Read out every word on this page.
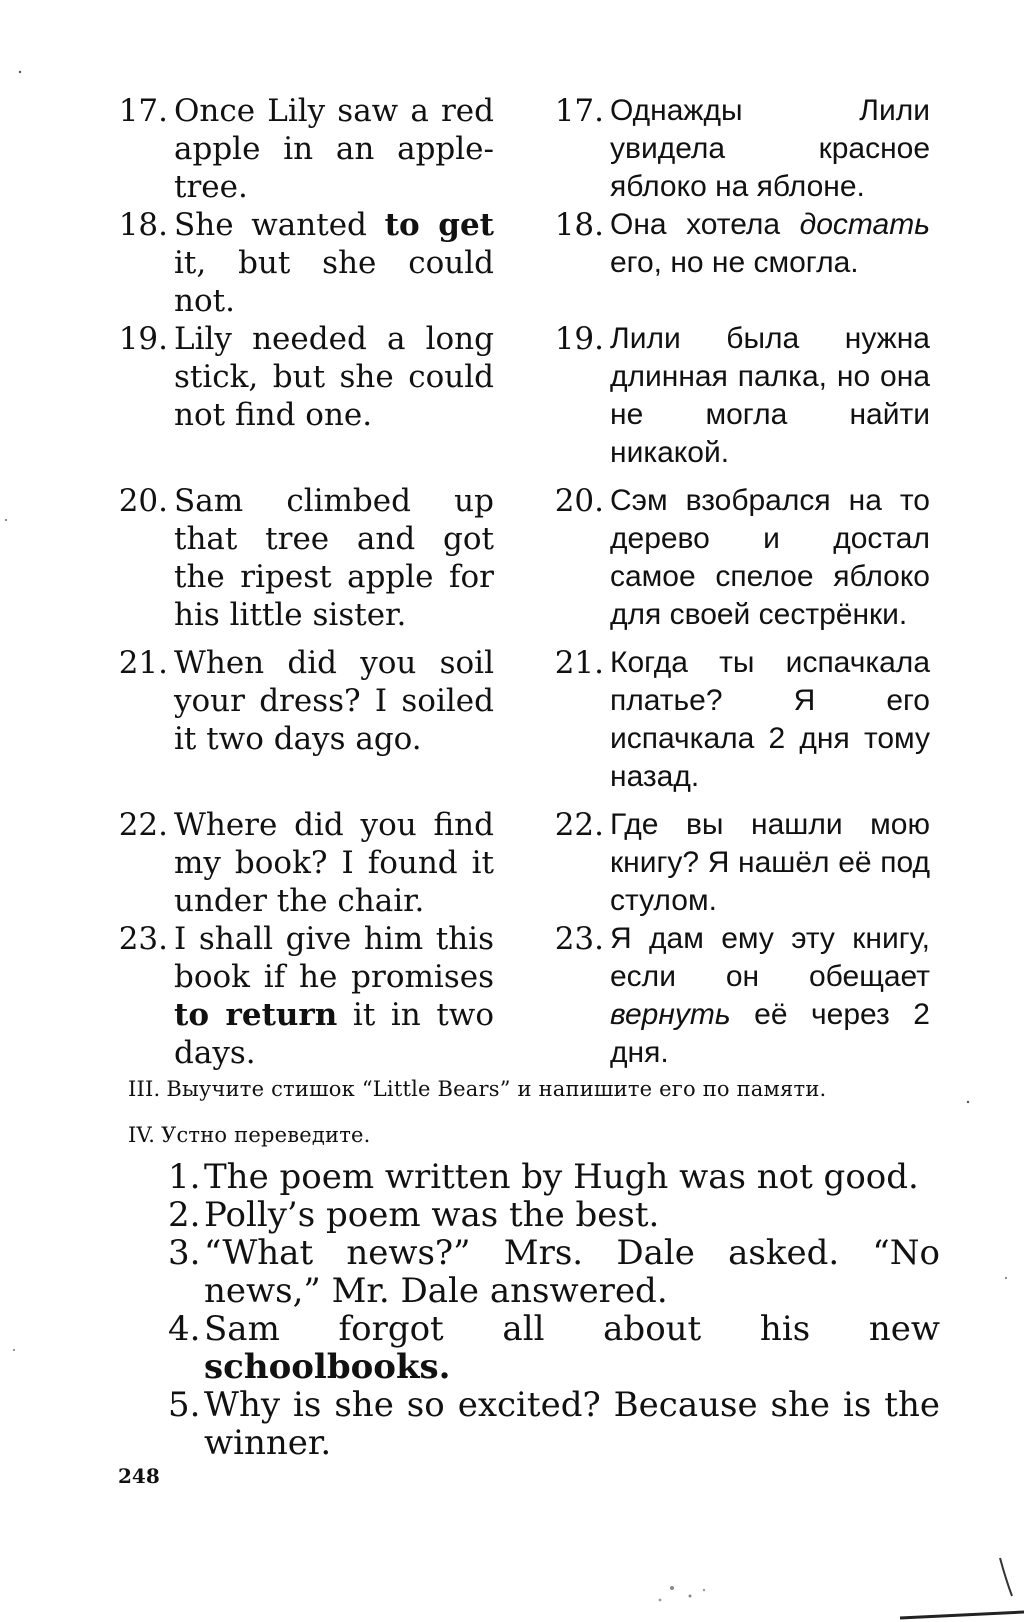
17. Once Lily saw a red apple in an apple-tree.
17. Однажды Лили увидела красное яблоко на яблоне.
18. She wanted to get it, but she could not.
18. Она хотела достать его, но не смогла.
19. Lily needed a long stick, but she could not find one.
19. Лили была нужна длинная палка, но она не могла найти никакой.
20. Sam climbed up that tree and got the ripest apple for his little sister.
20. Сэм взобрался на то дерево и достал самое спелое яблоко для своей сестрёнки.
21. When did you soil your dress? I soiled it two days ago.
21. Когда ты испачкала платье? Я его испачкала 2 дня тому назад.
22. Where did you find my book? I found it under the chair.
22. Где вы нашли мою книгу? Я нашёл её под стулом.
23. I shall give him this book if he promises to return it in two days.
23. Я дам ему эту книгу, если он обещает вернуть её через 2 дня.
III. Выучите стишок “Little Bears” и напишите его по памяти.
IV. Устно переведите.
1. The poem written by Hugh was not good.
2. Polly’s poem was the best.
3. “What news?” Mrs. Dale asked. “No news,” Mr. Dale answered.
4. Sam forgot all about his new schoolbooks.
5. Why is she so excited? Because she is the winner.
248
